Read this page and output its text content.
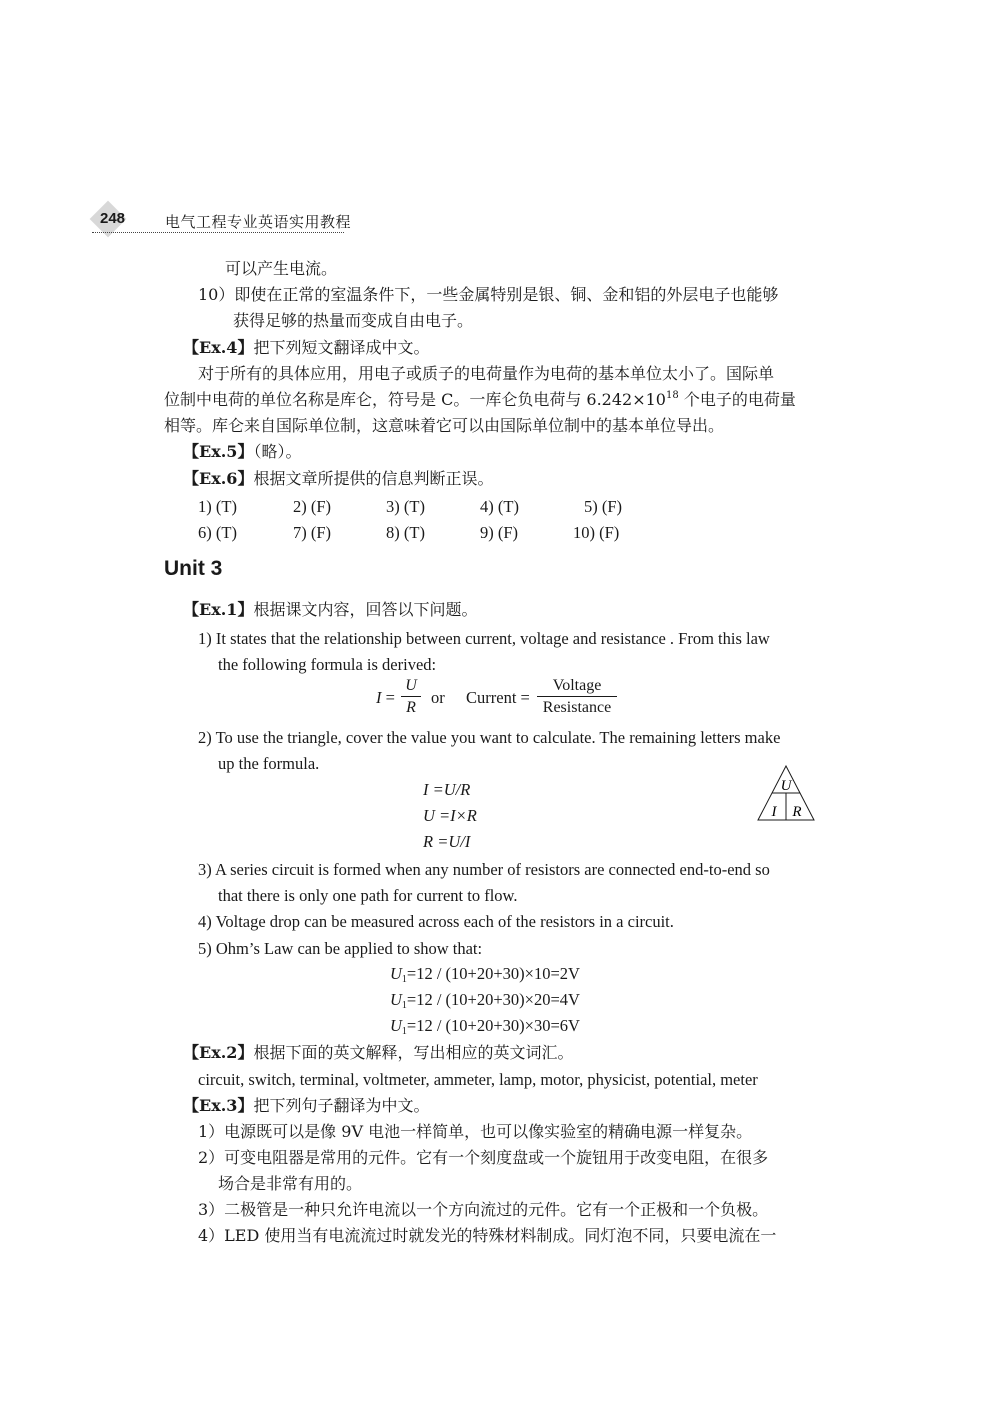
248	电气工程专业英语实用教程
可以产生电流。
10）即使在正常的室温条件下，一些金属特别是银、铜、金和铝的外层电子也能够
获得足够的热量而变成自由电子。
【Ex.4】把下列短文翻译成中文。
对于所有的具体应用，用电子或质子的电荷量作为电荷的基本单位太小了。国际单
位制中电荷的单位名称是库仑，符号是 C。一库仑负电荷与 $6.242\times 10^{18}$ 个电子的电荷量
相等。库仑来自国际单位制，这意味着它可以由国际单位制中的基本单位导出。
【Ex.5】（略）。
【Ex.6】根据文章所提供的信息判断正误。
1) (T)	2) (F)	3) (T)	4) (T)	5) (F)
6) (T)	7) (F)	8) (T)	9) (F)	10) (F)
Unit 3
【Ex.1】根据课文内容，回答以下问题。
1) It states that the relationship between current, voltage and resistance . From this law
the following formula is derived:
I =
U
R
or Current =
Voltage
Resistance
2) To use the triangle, cover the value you want to calculate. The remaining letters make
up the formula.
I =U/R
U =I×R
R =U/I
U
I R
3) A series circuit is formed when any number of resistors are connected end-to-end so
that there is only one path for current to flow.
4) Voltage drop can be measured across each of the resistors in a circuit.
5) Ohm’s Law can be applied to show that:
$U_1=12 / (10+20+30)\times 10=2V$
$U_1=12 / (10+20+30)\times 20=4V$
$U_1=12 / (10+20+30)\times 30=6V$
【Ex.2】根据下面的英文解释，写出相应的英文词汇。
circuit, switch, terminal, voltmeter, ammeter, lamp, motor, physicist, potential, meter
【Ex.3】把下列句子翻译为中文。
1）电源既可以是像 9V 电池一样简单，也可以像实验室的精确电源一样复杂。
2）可变电阻器是常用的元件。它有一个刻度盘或一个旋钮用于改变电阻，在很多
场合是非常有用的。
3）二极管是一种只允许电流以一个方向流过的元件。它有一个正极和一个负极。
4）LED 使用当有电流流过时就发光的特殊材料制成。同灯泡不同，只要电流在一
